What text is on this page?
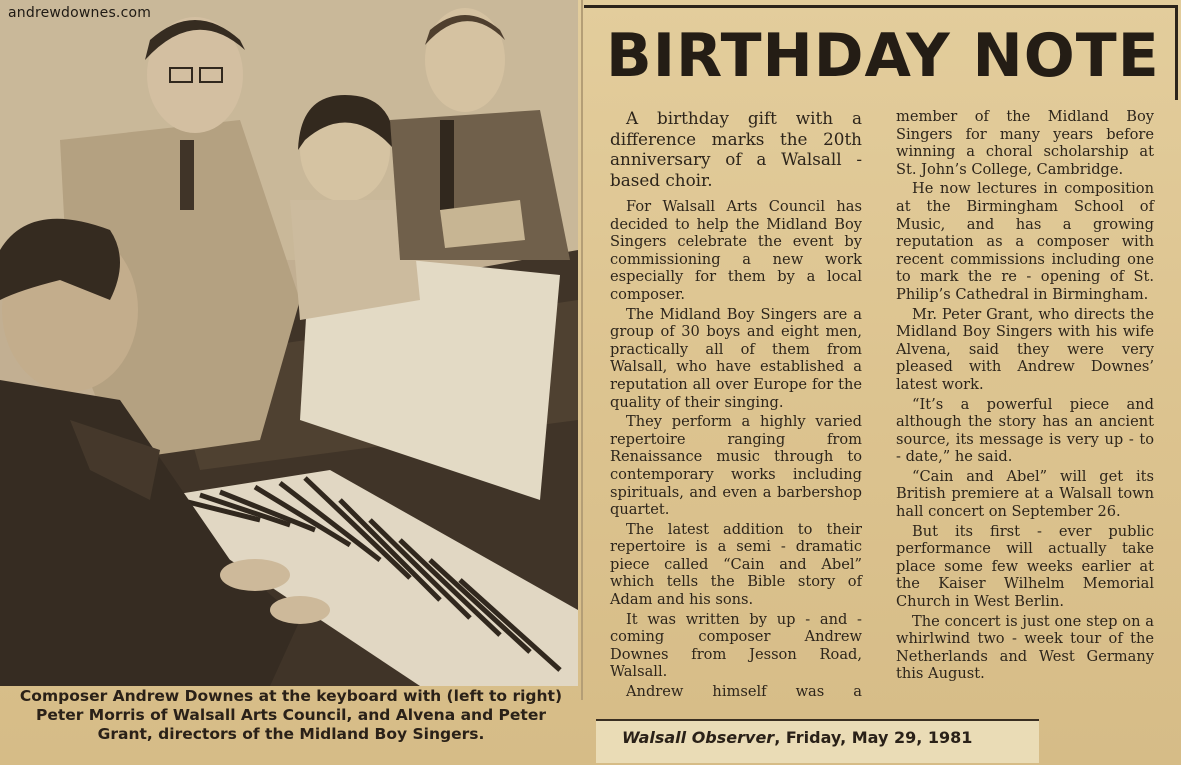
andrewdownes.com
Composer Andrew Downes at the keyboard with (left to right) Peter Morris of Walsall Arts Council, and Alvena and Peter Grant, directors of the Midland Boy Singers.
BIRTHDAY NOTE

A birthday gift with a difference marks the 20th anniversary of a Walsall - based choir.

For Walsall Arts Council has decided to help the Midland Boy Singers celebrate the event by commissioning a new work especially for them by a local composer.

The Midland Boy Singers are a group of 30 boys and eight men, practically all of them from Walsall, who have established a reputation all over Europe for the quality of their singing.

They perform a highly varied repertoire ranging from Renaissance music through to contemporary works including spirituals, and even a barbershop quartet.

The latest addition to their repertoire is a semi - dramatic piece called “Cain and Abel” which tells the Bible story of Adam and his sons.

It was written by up - and - coming composer Andrew Downes from Jesson Road, Walsall.

Andrew himself was a

member of the Midland Boy Singers for many years before winning a choral scholarship at St. John’s College, Cambridge.

He now lectures in composition at the Birmingham School of Music, and has a growing reputation as a composer with recent commissions including one to mark the re - opening of St. Philip’s Cathedral in Birmingham.

Mr. Peter Grant, who directs the Midland Boy Singers with his wife Alvena, said they were very pleased with Andrew Downes’ latest work.

“It’s a powerful piece and although the story has an ancient source, its message is very up - to - date,” he said.

“Cain and Abel” will get its British premiere at a Walsall town hall concert on September 26.

But its first - ever public performance will actually take place some few weeks earlier at the Kaiser Wilhelm Memorial Church in West Berlin.

The concert is just one step on a whirlwind two - week tour of the Netherlands and West Germany this August.

Walsall Observer, Friday, May 29, 1981
